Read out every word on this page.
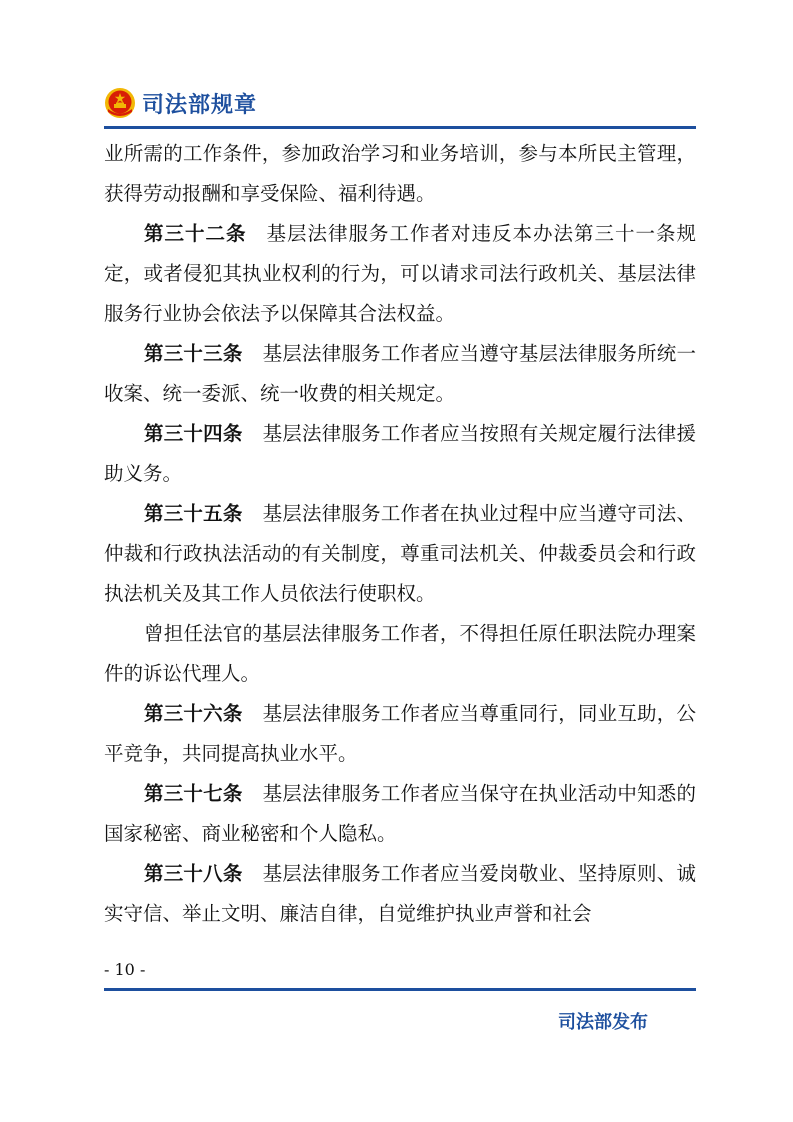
司法部规章

业所需的工作条件，参加政治学习和业务培训，参与本所民主管理，获得劳动报酬和享受保险、福利待遇。

第三十二条 基层法律服务工作者对违反本办法第三十一条规定，或者侵犯其执业权利的行为，可以请求司法行政机关、基层法律服务行业协会依法予以保障其合法权益。

第三十三条 基层法律服务工作者应当遵守基层法律服务所统一收案、统一委派、统一收费的相关规定。

第三十四条 基层法律服务工作者应当按照有关规定履行法律援助义务。

第三十五条 基层法律服务工作者在执业过程中应当遵守司法、仲裁和行政执法活动的有关制度，尊重司法机关、仲裁委员会和行政执法机关及其工作人员依法行使职权。

曾担任法官的基层法律服务工作者，不得担任原任职法院办理案件的诉讼代理人。

第三十六条 基层法律服务工作者应当尊重同行，同业互助，公平竞争，共同提高执业水平。

第三十七条 基层法律服务工作者应当保守在执业活动中知悉的国家秘密、商业秘密和个人隐私。

第三十八条 基层法律服务工作者应当爱岗敬业、坚持原则、诚实守信、举止文明、廉洁自律，自觉维护执业声誉和社会

- 10 -
司法部发布
